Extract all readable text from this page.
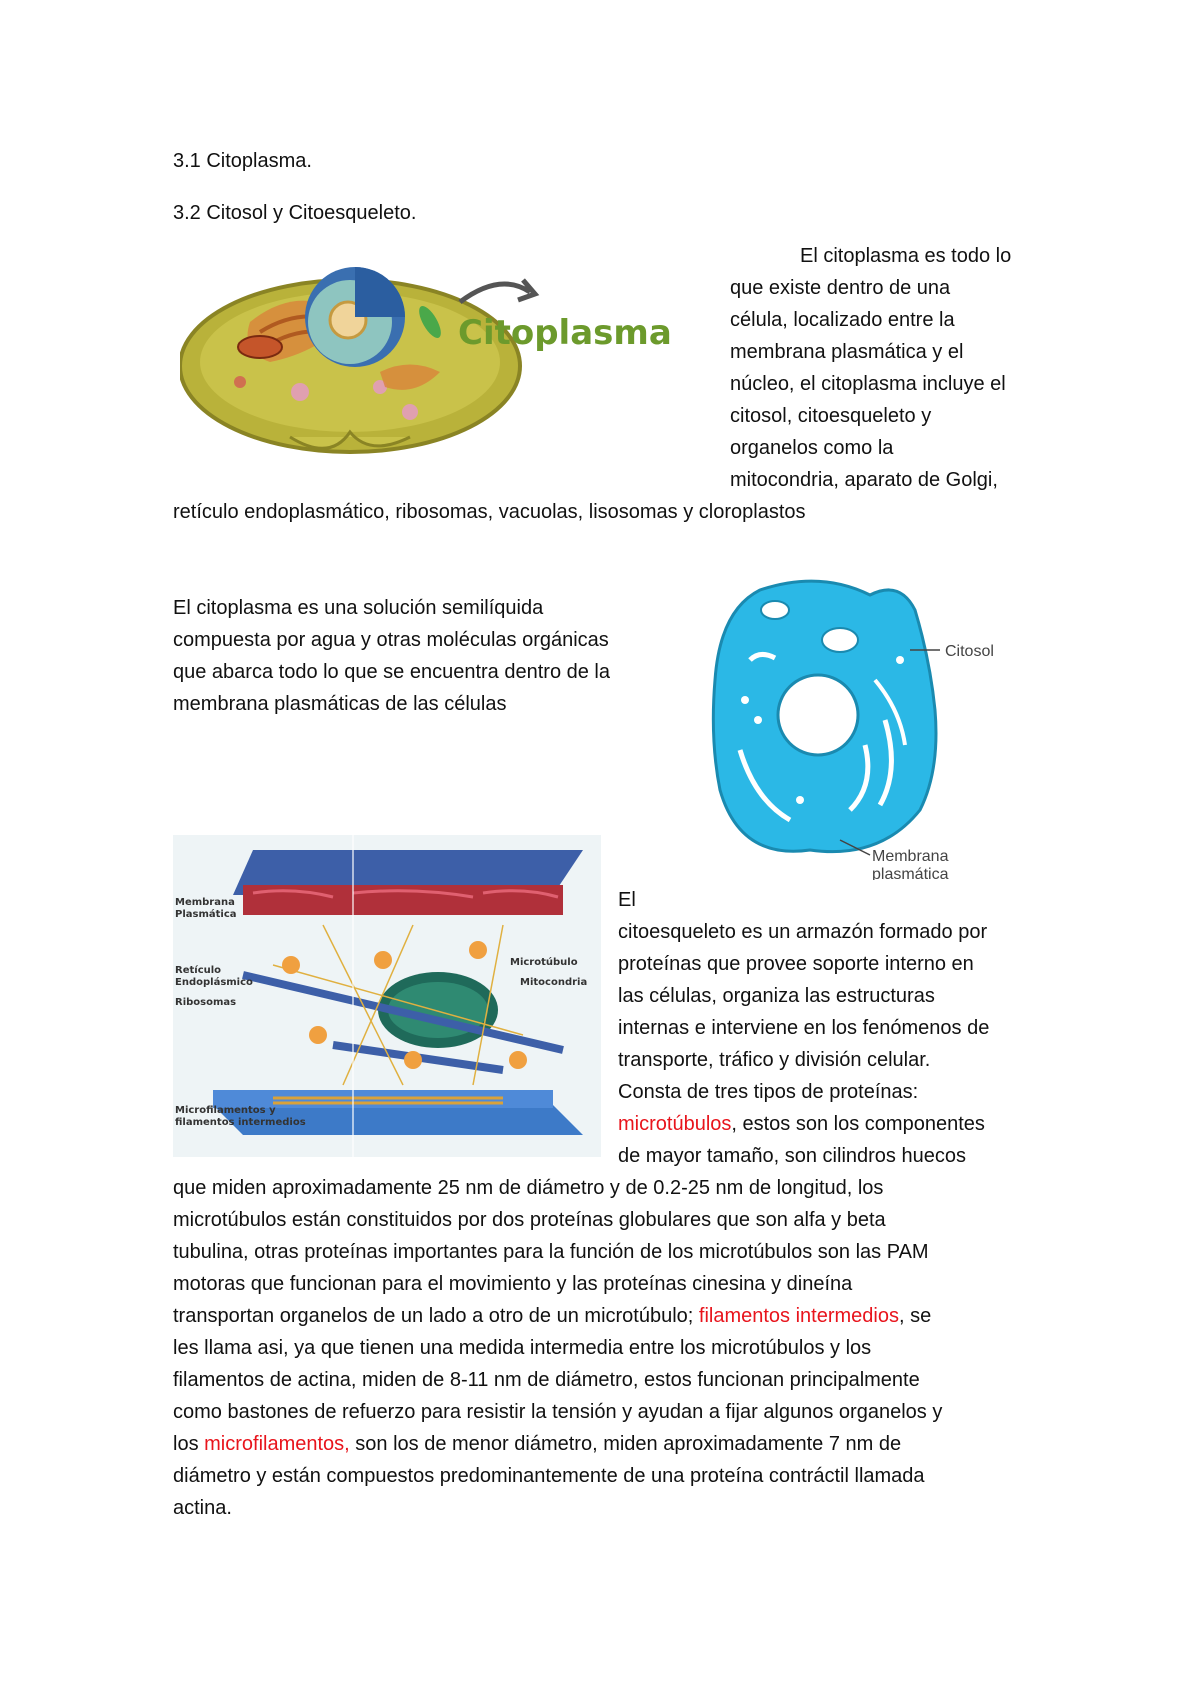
3.1 Citoplasma.
3.2 Citosol y Citoesqueleto.
Citoplasma
El citoplasma es todo lo
que existe dentro de una
célula, localizado entre la
membrana plasmática y el
núcleo, el citoplasma incluye el
citosol, citoesqueleto y
organelos como la
mitocondria, aparato de Golgi,
retículo endoplasmático, ribosomas, vacuolas, lisosomas y cloroplastos
El citoplasma es una solución semilíquida
compuesta por agua y otras moléculas orgánicas
que abarca todo lo que se encuentra dentro de la
membrana plasmáticas de las células
Citosol
Membrana
plasmática
Membrana
Plasmática
Retículo
Endoplásmico
Ribosomas
Microtúbulo
Mitocondria
Microfilamentos y
filamentos intermedios
El
citoesqueleto es un armazón formado por
proteínas que provee soporte interno en
las células, organiza las estructuras
internas e interviene en los fenómenos de
transporte, tráfico y división celular.
Consta de tres tipos de proteínas:
microtúbulos, estos son los componentes
de mayor tamaño, son cilindros huecos
que miden aproximadamente 25 nm de diámetro y de 0.2-25 nm de longitud, los
microtúbulos están constituidos por dos proteínas globulares que son alfa y beta
tubulina, otras proteínas importantes para la función de los microtúbulos son las PAM
motoras que funcionan para el movimiento y las proteínas cinesina y dineína
transportan organelos de un lado a otro de un microtúbulo; filamentos intermedios, se
les llama asi, ya que tienen una medida intermedia entre los microtúbulos y los
filamentos de actina, miden de 8-11 nm de diámetro, estos funcionan principalmente
como bastones de refuerzo para resistir la tensión y ayudan a fijar algunos organelos y
los microfilamentos, son los de menor diámetro, miden aproximadamente 7 nm de
diámetro y están compuestos predominantemente de una proteína contráctil llamada
actina.
